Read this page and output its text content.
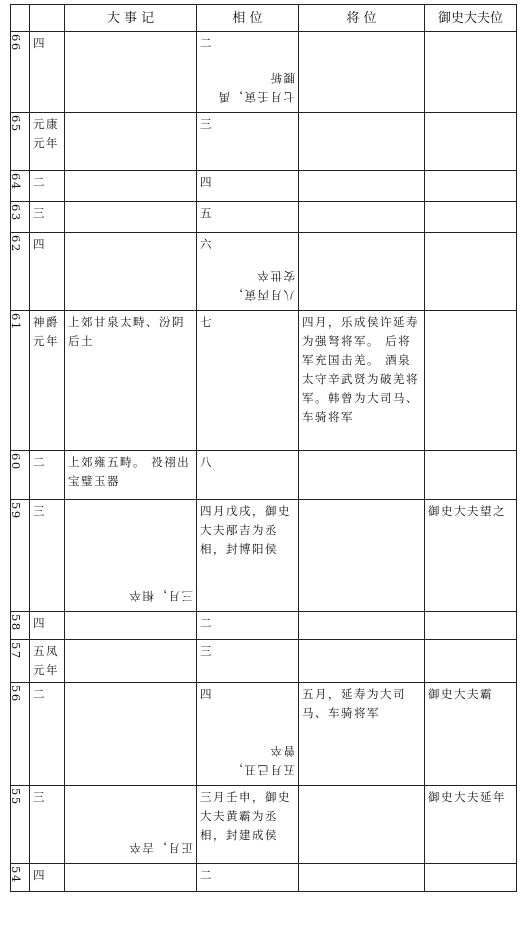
		大 事 记	相 位	将 位	御史大夫位

66	四		二
七月壬寅，禹
腰斩		

65	元康
元年		三		

64	二		四		

63	三		五		

62	四		六
八月丙寅，
安世卒		

61	神爵
元年	上郊甘泉太畤、汾阴后土	七	四月，乐成侯许延寿为强弩将军。 后将军充国击羌。 酒泉太守辛武贤为破羌将军。韩曾为大司马、车骑将军	

60	二	上郊雍五畤。 祋祤出宝璧玉器	八		

59	三	三月，相卒	四月戊戌，御史大夫邴吉为丞相，封博阳侯		御史大夫望之

58	四		二		

57	五凤
元年		三		

56	二		四
五月己丑，
曾卒	五月，延寿为大司马、车骑将军	御史大夫霸

55	三	正月，吉卒	三月壬申，御史大夫黄霸为丞相，封建成侯		御史大夫延年

54	四		二		
